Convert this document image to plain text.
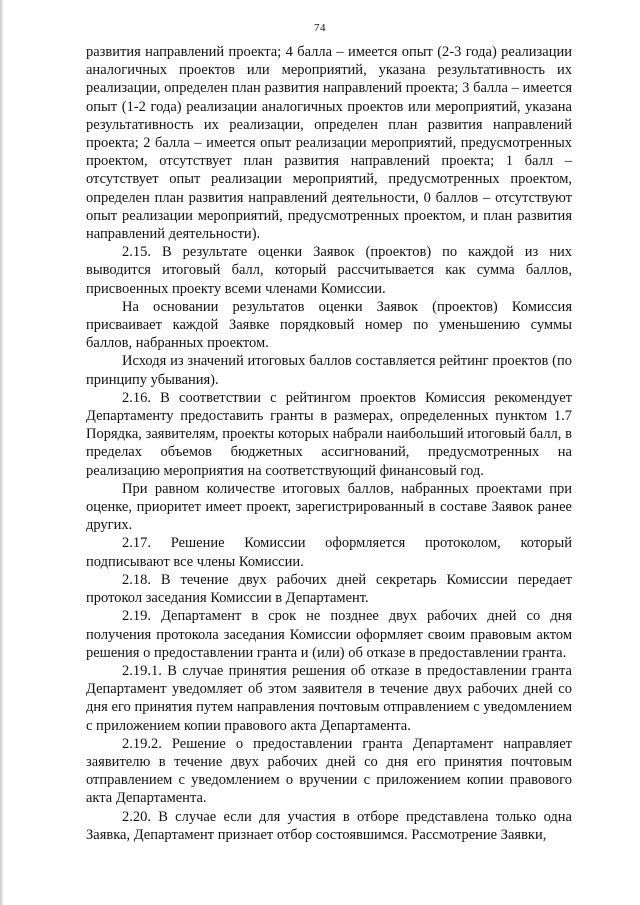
74

развития направлений проекта; 4 балла – имеется опыт (2-3 года) реализации аналогичных проектов или мероприятий, указана результативность их реализации, определен план развития направлений проекта; 3 балла – имеется опыт (1-2 года) реализации аналогичных проектов или мероприятий, указана результативность их реализации, определен план развития направлений проекта; 2 балла – имеется опыт реализации мероприятий, предусмотренных проектом, отсутствует план развития направлений проекта; 1 балл – отсутствует опыт реализации мероприятий, предусмотренных проектом, определен план развития направлений деятельности, 0 баллов – отсутствуют опыт реализации мероприятий, предусмотренных проектом, и план развития направлений деятельности).

2.15. В результате оценки Заявок (проектов) по каждой из них выводится итоговый балл, который рассчитывается как сумма баллов, присвоенных проекту всеми членами Комиссии.

На основании результатов оценки Заявок (проектов) Комиссия присваивает каждой Заявке порядковый номер по уменьшению суммы баллов, набранных проектом.

Исходя из значений итоговых баллов составляется рейтинг проектов (по принципу убывания).

2.16. В соответствии с рейтингом проектов Комиссия рекомендует Департаменту предоставить гранты в размерах, определенных пунктом 1.7 Порядка, заявителям, проекты которых набрали наибольший итоговый балл, в пределах объемов бюджетных ассигнований, предусмотренных на реализацию мероприятия на соответствующий финансовый год.

При равном количестве итоговых баллов, набранных проектами при оценке, приоритет имеет проект, зарегистрированный в составе Заявок ранее других.

2.17. Решение Комиссии оформляется протоколом, который подписывают все члены Комиссии.

2.18. В течение двух рабочих дней секретарь Комиссии передает протокол заседания Комиссии в Департамент.

2.19. Департамент в срок не позднее двух рабочих дней со дня получения протокола заседания Комиссии оформляет своим правовым актом решения о предоставлении гранта и (или) об отказе в предоставлении гранта.

2.19.1. В случае принятия решения об отказе в предоставлении гранта Департамент уведомляет об этом заявителя в течение двух рабочих дней со дня его принятия путем направления почтовым отправлением с уведомлением с приложением копии правового акта Департамента.

2.19.2. Решение о предоставлении гранта Департамент направляет заявителю в течение двух рабочих дней со дня его принятия почтовым отправлением с уведомлением о вручении с приложением копии правового акта Департамента.

2.20. В случае если для участия в отборе представлена только одна Заявка, Департамент признает отбор состоявшимся. Рассмотрение Заявки,
